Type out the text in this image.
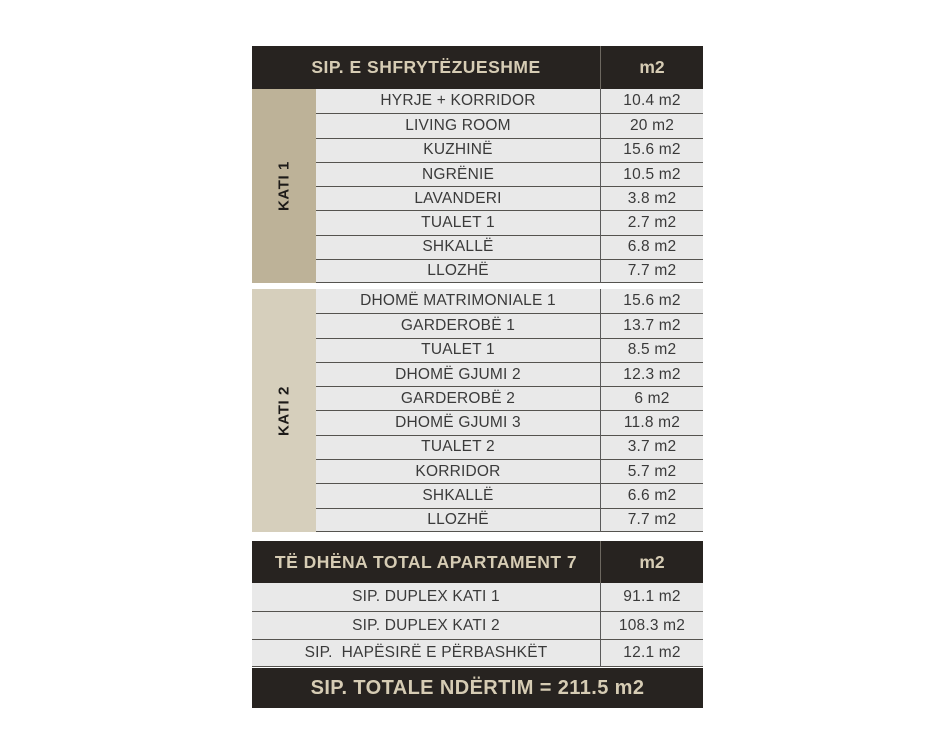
SIP. E SHFRYTËZUESHME	m2
KATI 1
HYRJE + KORRIDOR	10.4 m2
LIVING ROOM	20 m2
KUZHINË	15.6 m2
NGRËNIE	10.5 m2
LAVANDERI	3.8 m2
TUALET 1	2.7 m2
SHKALLË	6.8 m2
LLOZHË	7.7 m2
KATI 2
DHOMË MATRIMONIALE 1	15.6 m2
GARDEROBË 1	13.7 m2
TUALET 1	8.5 m2
DHOMË GJUMI 2	12.3 m2
GARDEROBË 2	6 m2
DHOMË GJUMI 3	11.8 m2
TUALET 2	3.7 m2
KORRIDOR	5.7 m2
SHKALLË	6.6 m2
LLOZHË	7.7 m2
TË DHËNA TOTAL APARTAMENT 7	m2
SIP. DUPLEX KATI 1	91.1 m2
SIP. DUPLEX KATI 2	108.3 m2
SIP.  HAPËSIRË E PËRBASHKËT	12.1 m2
SIP. TOTALE NDËRTIM = 211.5 m2
